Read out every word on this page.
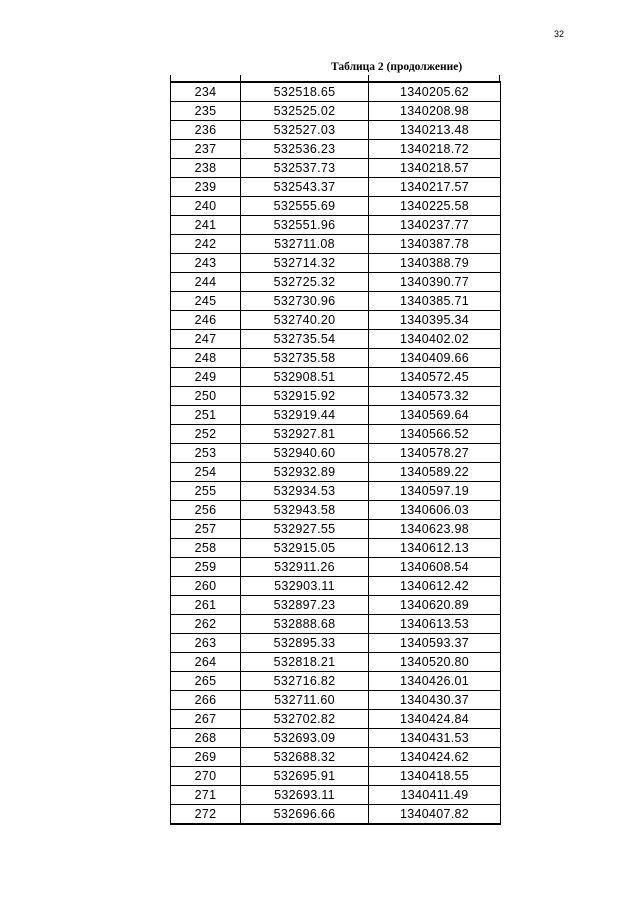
32
Таблица 2 (продолжение)
234	532518.65	1340205.62
235	532525.02	1340208.98
236	532527.03	1340213.48
237	532536.23	1340218.72
238	532537.73	1340218.57
239	532543.37	1340217.57
240	532555.69	1340225.58
241	532551.96	1340237.77
242	532711.08	1340387.78
243	532714.32	1340388.79
244	532725.32	1340390.77
245	532730.96	1340385.71
246	532740.20	1340395.34
247	532735.54	1340402.02
248	532735.58	1340409.66
249	532908.51	1340572.45
250	532915.92	1340573.32
251	532919.44	1340569.64
252	532927.81	1340566.52
253	532940.60	1340578.27
254	532932.89	1340589.22
255	532934.53	1340597.19
256	532943.58	1340606.03
257	532927.55	1340623.98
258	532915.05	1340612.13
259	532911.26	1340608.54
260	532903.11	1340612.42
261	532897.23	1340620.89
262	532888.68	1340613.53
263	532895.33	1340593.37
264	532818.21	1340520.80
265	532716.82	1340426.01
266	532711.60	1340430.37
267	532702.82	1340424.84
268	532693.09	1340431.53
269	532688.32	1340424.62
270	532695.91	1340418.55
271	532693.11	1340411.49
272	532696.66	1340407.82
